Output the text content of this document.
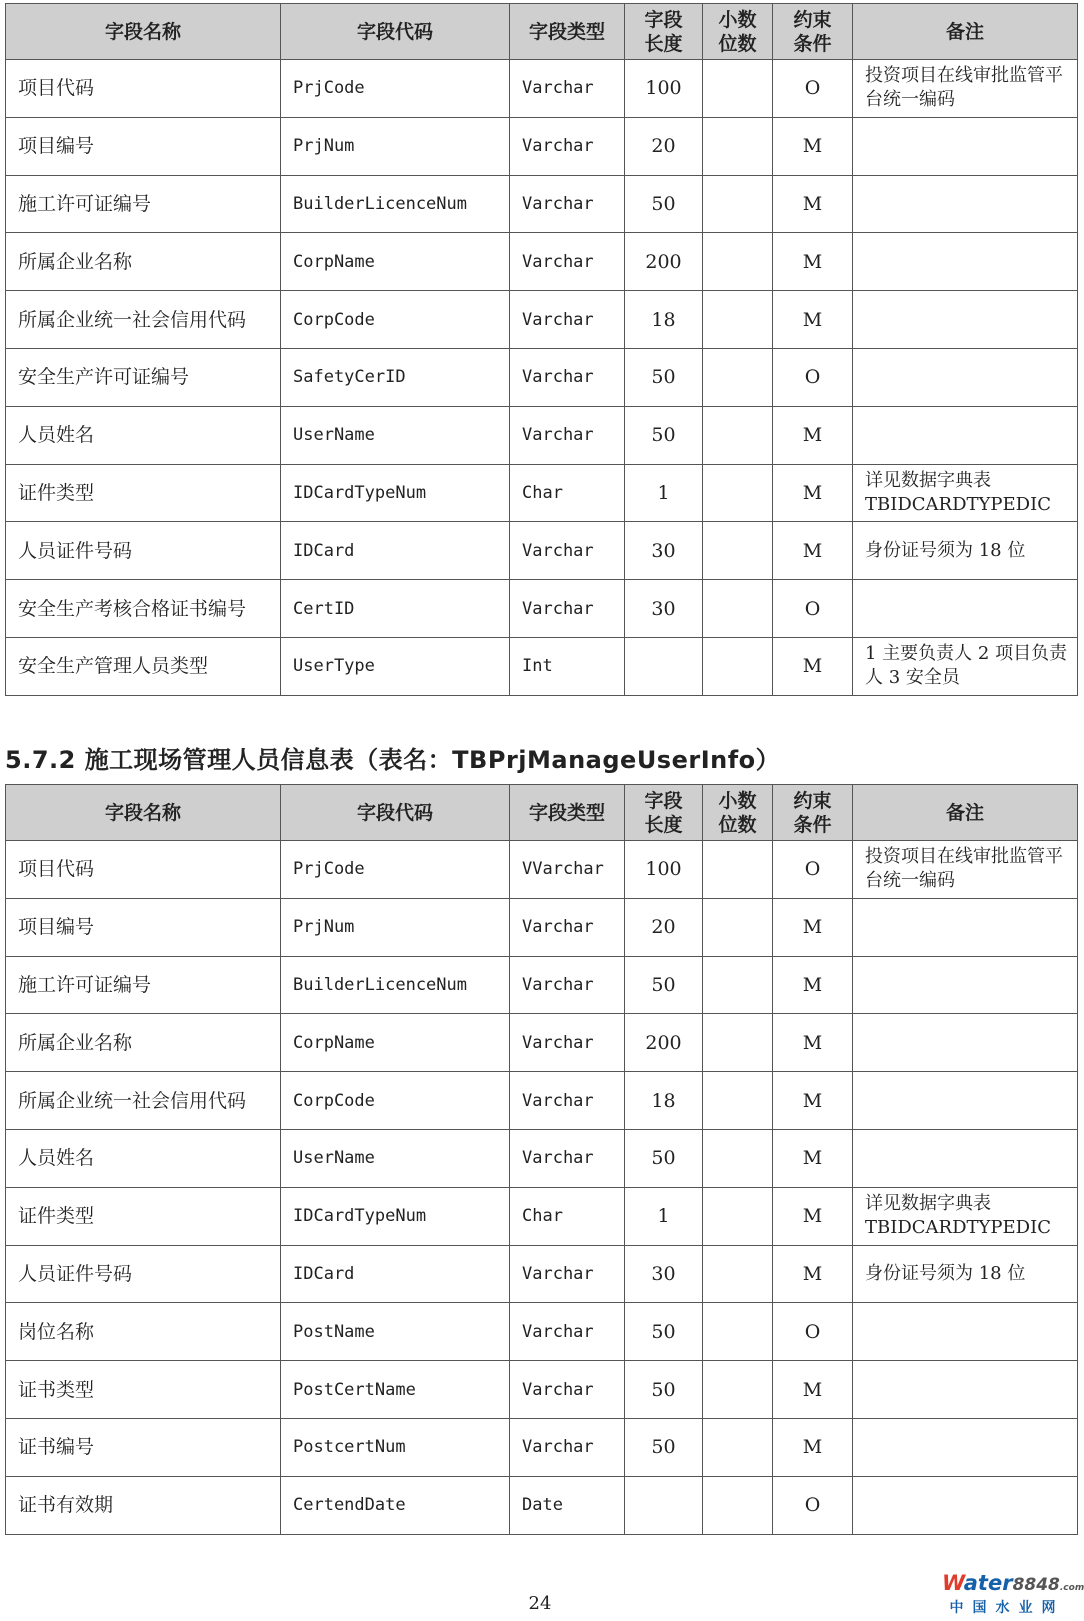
字段名称	字段代码	字段类型	字段长度	小数位数	约束条件	备注
项目代码	PrjCode	Varchar	100		O	投资项目在线审批监管平台统一编码
项目编号	PrjNum	Varchar	20		M	
施工许可证编号	BuilderLicenceNum	Varchar	50		M	
所属企业名称	CorpName	Varchar	200		M	
所属企业统一社会信用代码	CorpCode	Varchar	18		M	
安全生产许可证编号	SafetyCerID	Varchar	50		O	
人员姓名	UserName	Varchar	50		M	
证件类型	IDCardTypeNum	Char	1		M	详见数据字典表 TBIDCARDTYPEDIC
人员证件号码	IDCard	Varchar	30		M	身份证号须为 18 位
安全生产考核合格证书编号	CertID	Varchar	30		O	
安全生产管理人员类型	UserType	Int			M	1 主要负责人 2 项目负责人 3 安全员
5.7.2 施工现场管理人员信息表（表名：TBPrjManageUserInfo）
字段名称	字段代码	字段类型	字段长度	小数位数	约束条件	备注
项目代码	PrjCode	VVarchar	100		O	投资项目在线审批监管平台统一编码
项目编号	PrjNum	Varchar	20		M	
施工许可证编号	BuilderLicenceNum	Varchar	50		M	
所属企业名称	CorpName	Varchar	200		M	
所属企业统一社会信用代码	CorpCode	Varchar	18		M	
人员姓名	UserName	Varchar	50		M	
证件类型	IDCardTypeNum	Char	1		M	详见数据字典表 TBIDCARDTYPEDIC
人员证件号码	IDCard	Varchar	30		M	身份证号须为 18 位
岗位名称	PostName	Varchar	50		O	
证书类型	PostCertName	Varchar	50		M	
证书编号	PostcertNum	Varchar	50		M	
证书有效期	CertendDate	Date			O	
24
Water8848.com
中国水业网
